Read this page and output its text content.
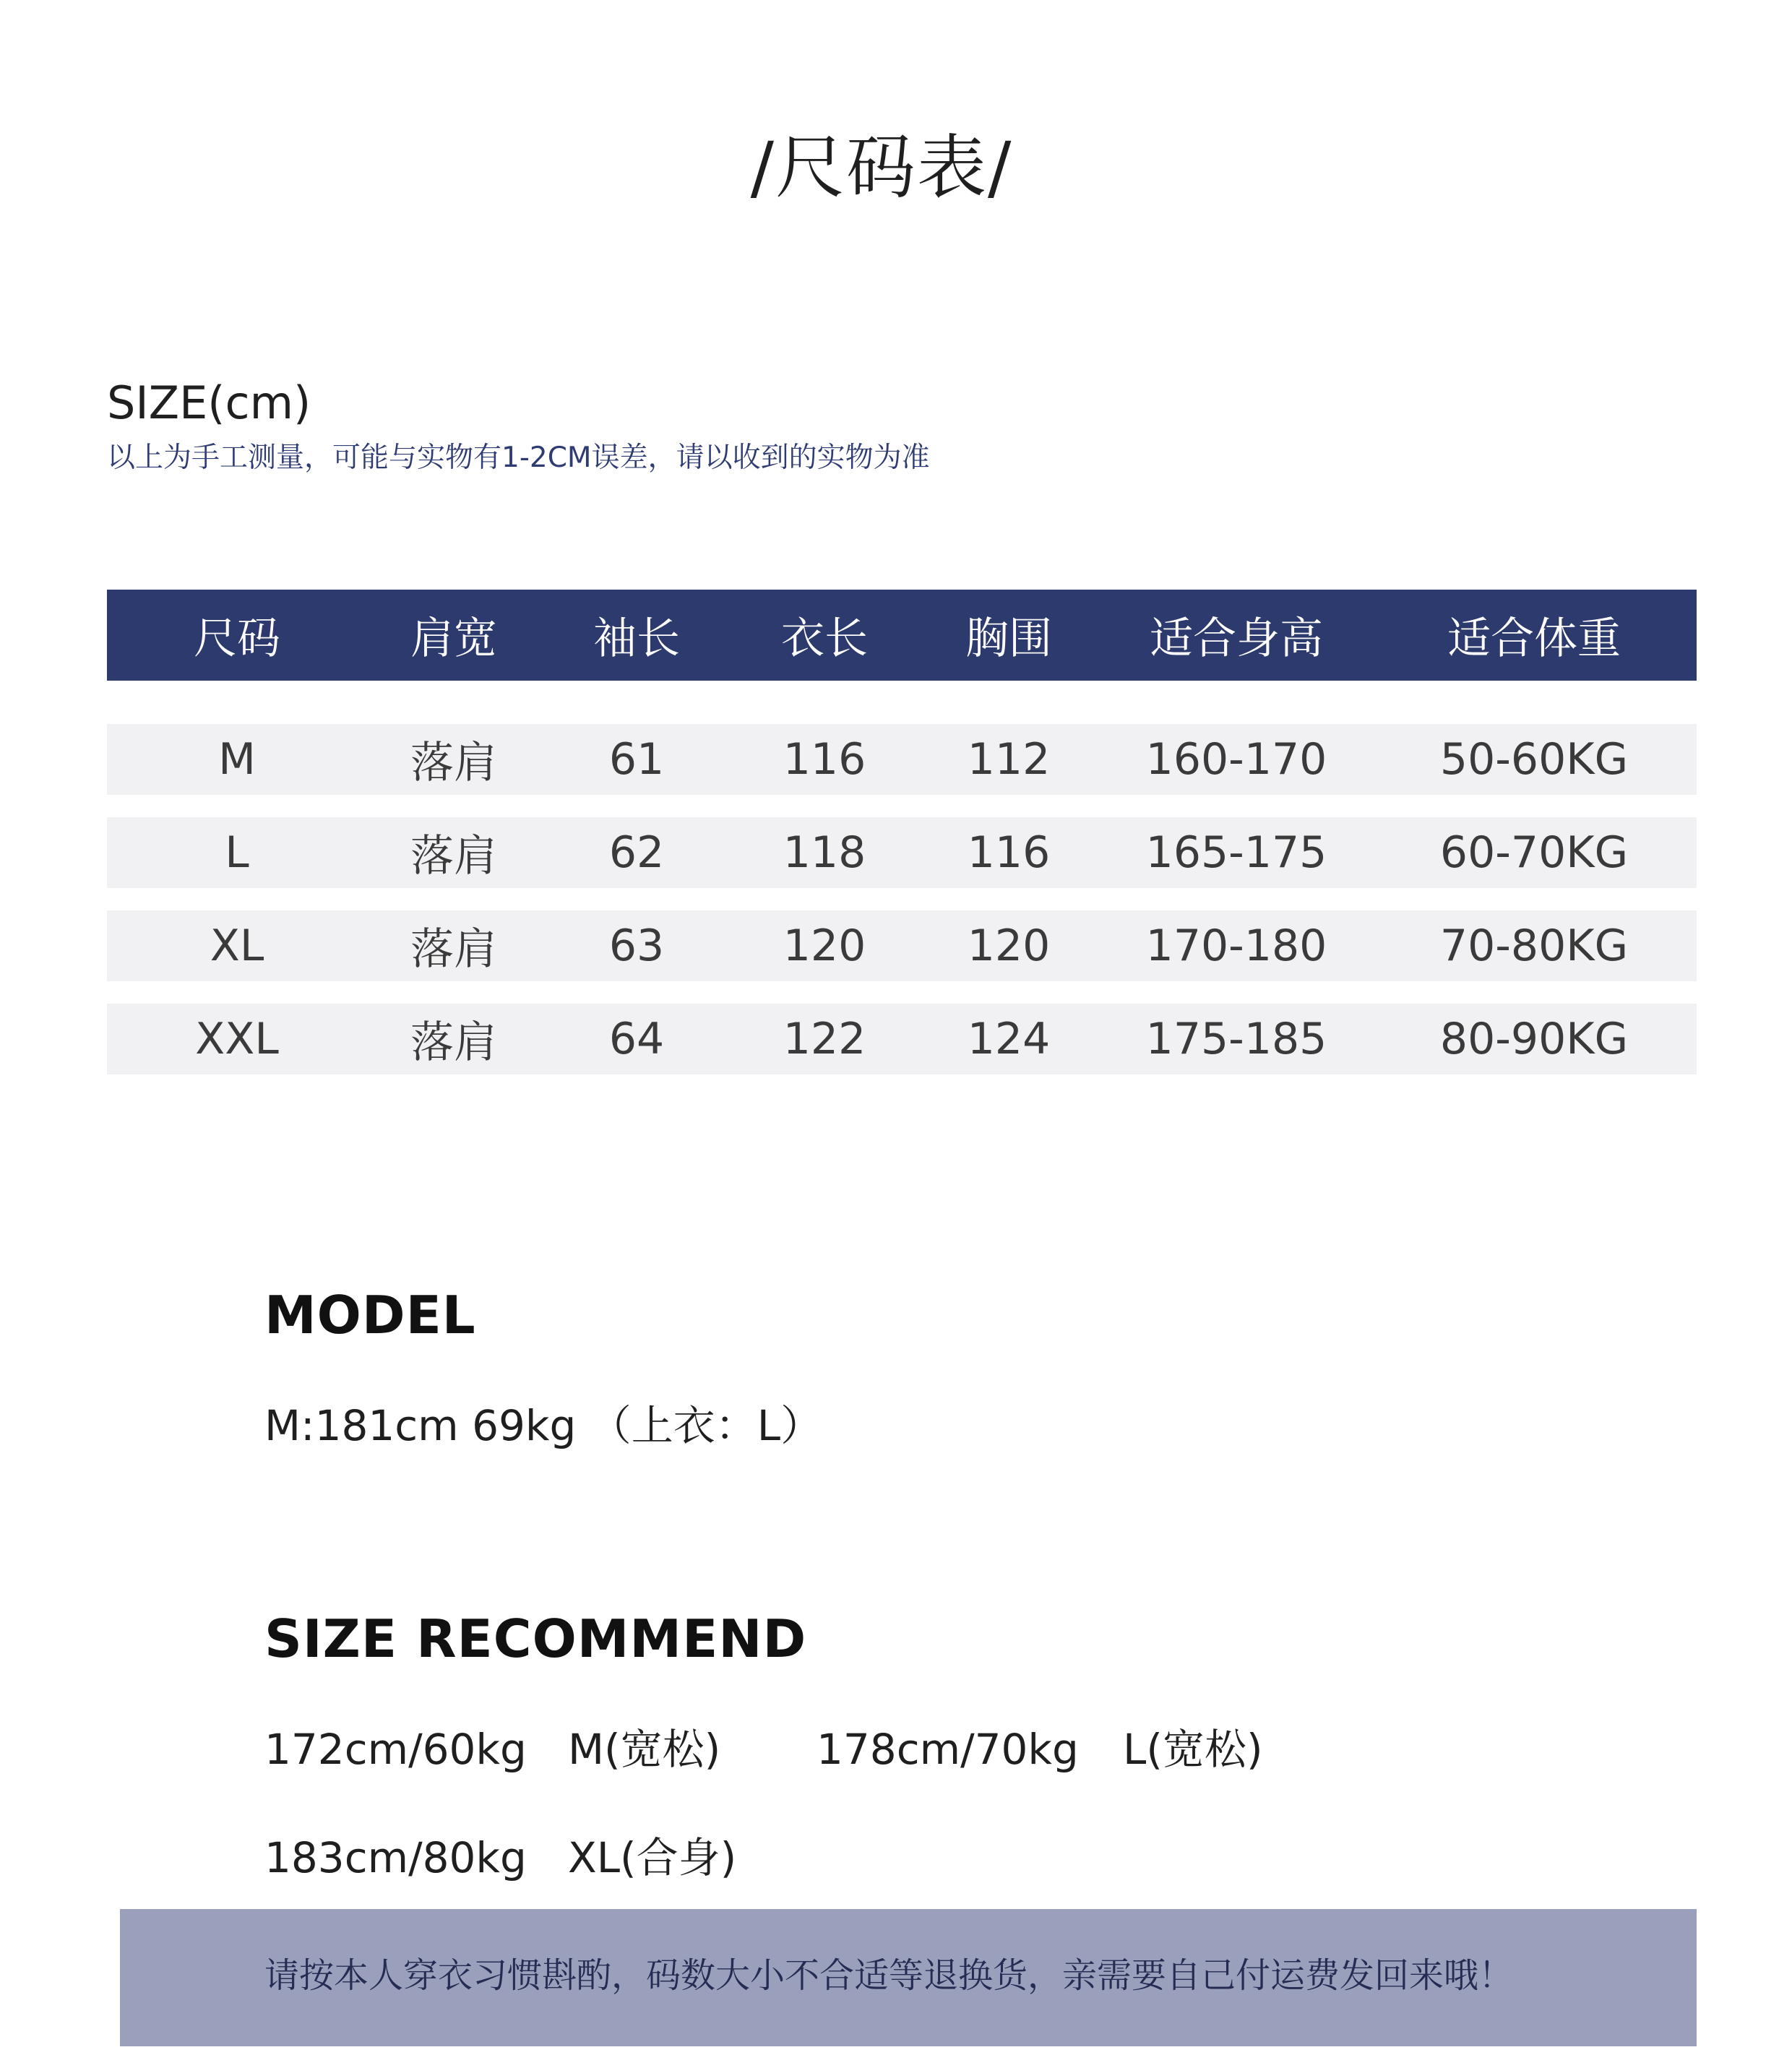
/尺码表/
SIZE(cm)
以上为手工测量，可能与实物有1-2CM误差，请以收到的实物为准
尺码	肩宽	袖长	衣长	胸围	适合身高	适合体重
M	落肩	61	116	112	160-170	50-60KG
L	落肩	62	118	116	165-175	60-70KG
XL	落肩	63	120	120	170-180	70-80KG
XXL	落肩	64	122	124	175-185	80-90KG
MODEL
M:181cm 69kg （上衣：L）
SIZE RECOMMEND
172cm/60kg M(宽松) 178cm/70kg L(宽松)
183cm/80kg XL(合身)
请按本人穿衣习惯斟酌，码数大小不合适等退换货，亲需要自己付运费发回来哦！
